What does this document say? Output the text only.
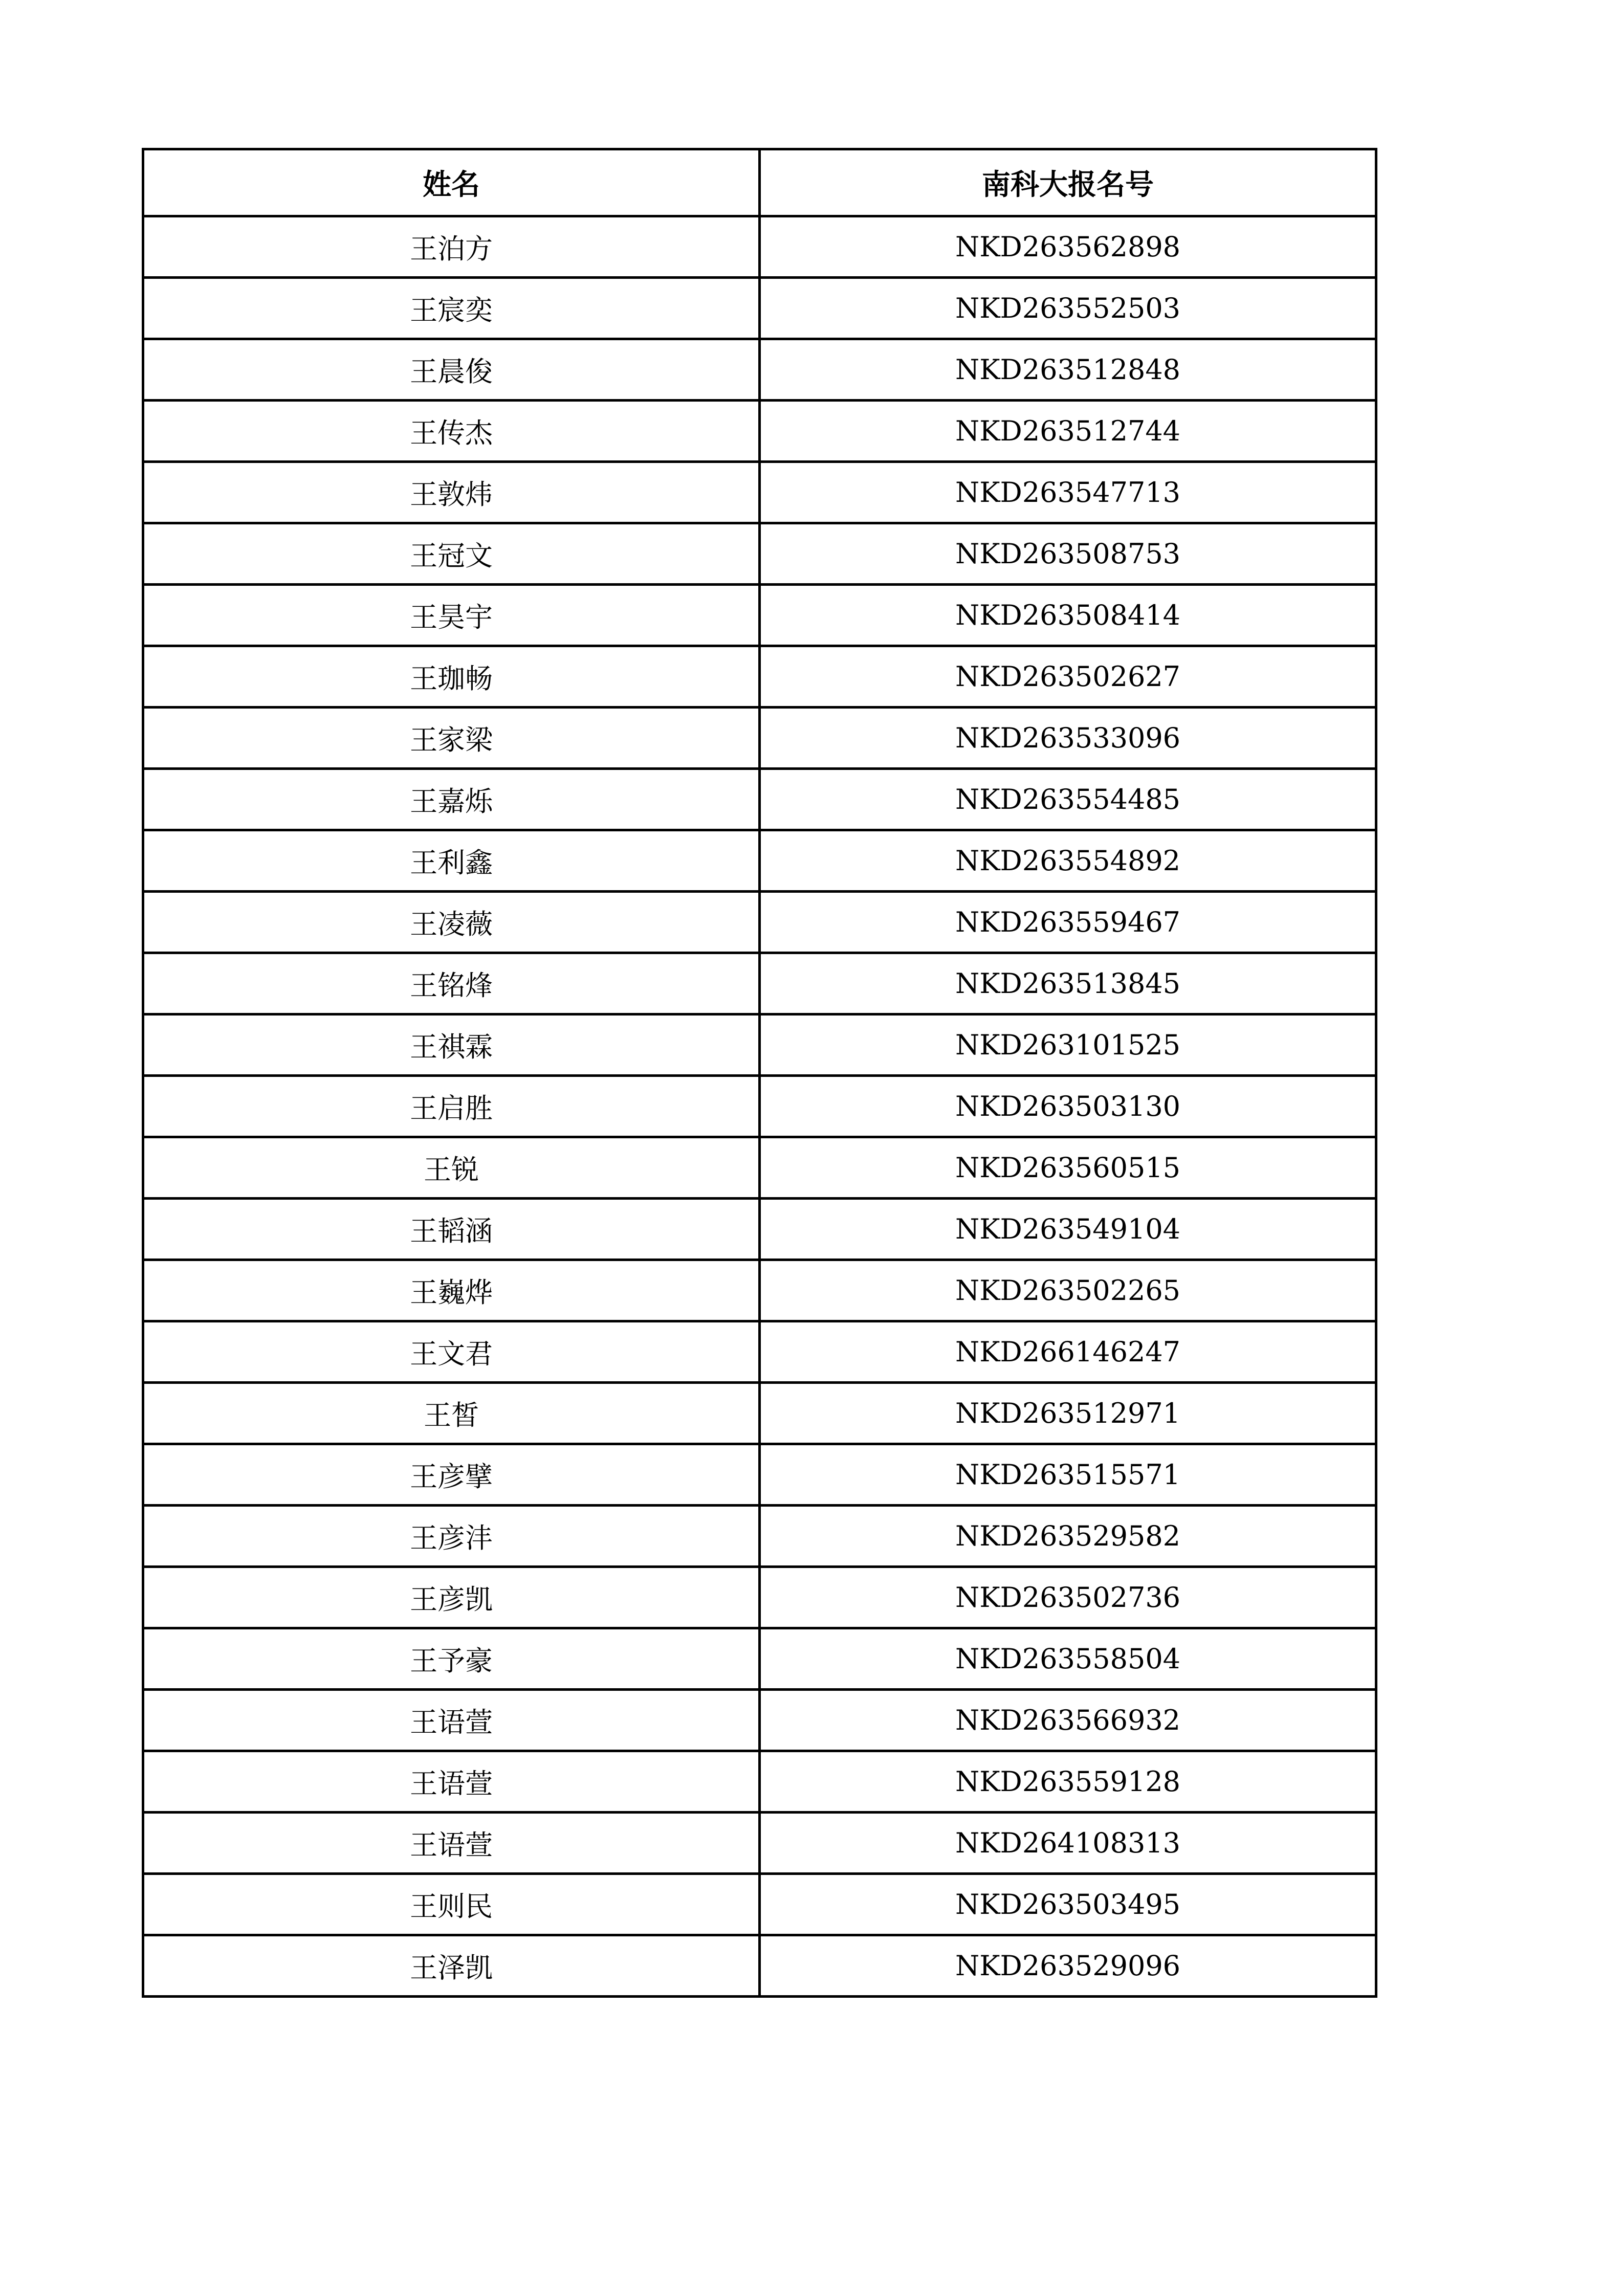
姓名	南科大报名号
王泊方	NKD263562898
王宸奕	NKD263552503
王晨俊	NKD263512848
王传杰	NKD263512744
王敦炜	NKD263547713
王冠文	NKD263508753
王昊宇	NKD263508414
王珈畅	NKD263502627
王家梁	NKD263533096
王嘉烁	NKD263554485
王利鑫	NKD263554892
王凌薇	NKD263559467
王铭烽	NKD263513845
王祺霖	NKD263101525
王启胜	NKD263503130
王锐	NKD263560515
王韬涵	NKD263549104
王巍烨	NKD263502265
王文君	NKD266146247
王皙	NKD263512971
王彦擘	NKD263515571
王彦沣	NKD263529582
王彦凯	NKD263502736
王予豪	NKD263558504
王语萱	NKD263566932
王语萱	NKD263559128
王语萱	NKD264108313
王则民	NKD263503495
王泽凯	NKD263529096
